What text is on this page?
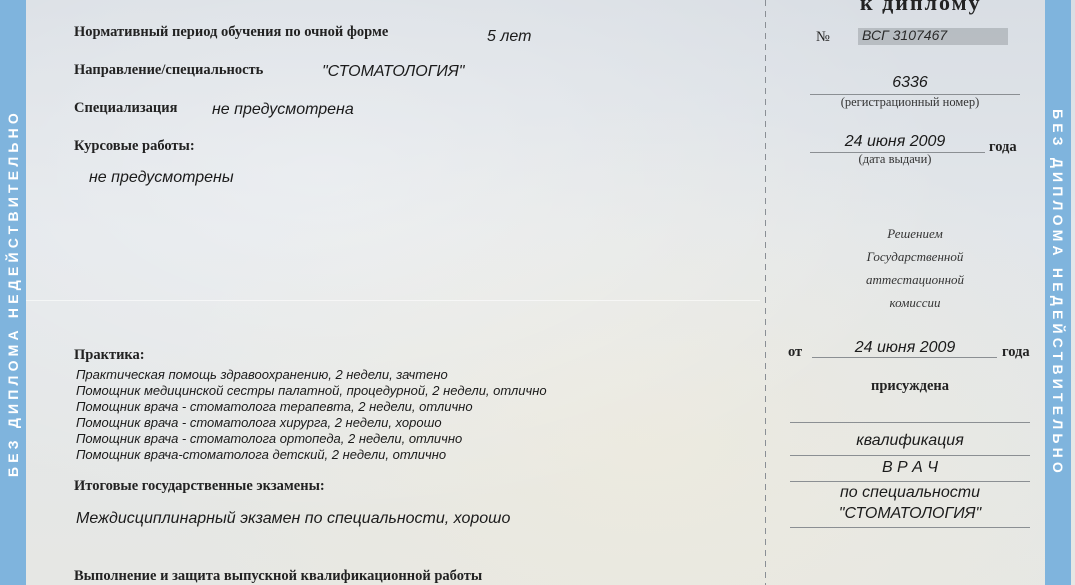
БЕЗ ДИПЛОМА НЕДЕЙСТВИТЕЛЬНО	БЕЗ ДИПЛОМА НЕДЕЙСТВИТЕЛЬНО
Нормативный период обучения по очной форме	5 лет
Направление/специальность	"СТОМАТОЛОГИЯ"
Специализация не предусмотрена
Курсовые работы:
не предусмотрены
Практика:
Практическая помощь здравоохранению, 2 недели, зачтено
Помощник медицинской сестры палатной, процедурной, 2 недели, отлично
Помощник врача - стоматолога терапевта, 2 недели, отлично
Помощник врача - стоматолога хирурга, 2 недели, хорошо
Помощник врача - стоматолога ортопеда, 2 недели, отлично
Помощник врача-стоматолога детский, 2 недели, отлично
Итоговые государственные экзамены:
Междисциплинарный экзамен по специальности, хорошо
Выполнение и защита выпускной квалификационной работы
к диплому
№ ВСГ 3107467
6336
(регистрационный номер)
24 июня 2009	года
(дата выдачи)
Решением
Государственной
аттестационной
комиссии
от	24 июня 2009	года
присуждена
квалификация
В Р А Ч
по специальности
"СТОМАТОЛОГИЯ"
